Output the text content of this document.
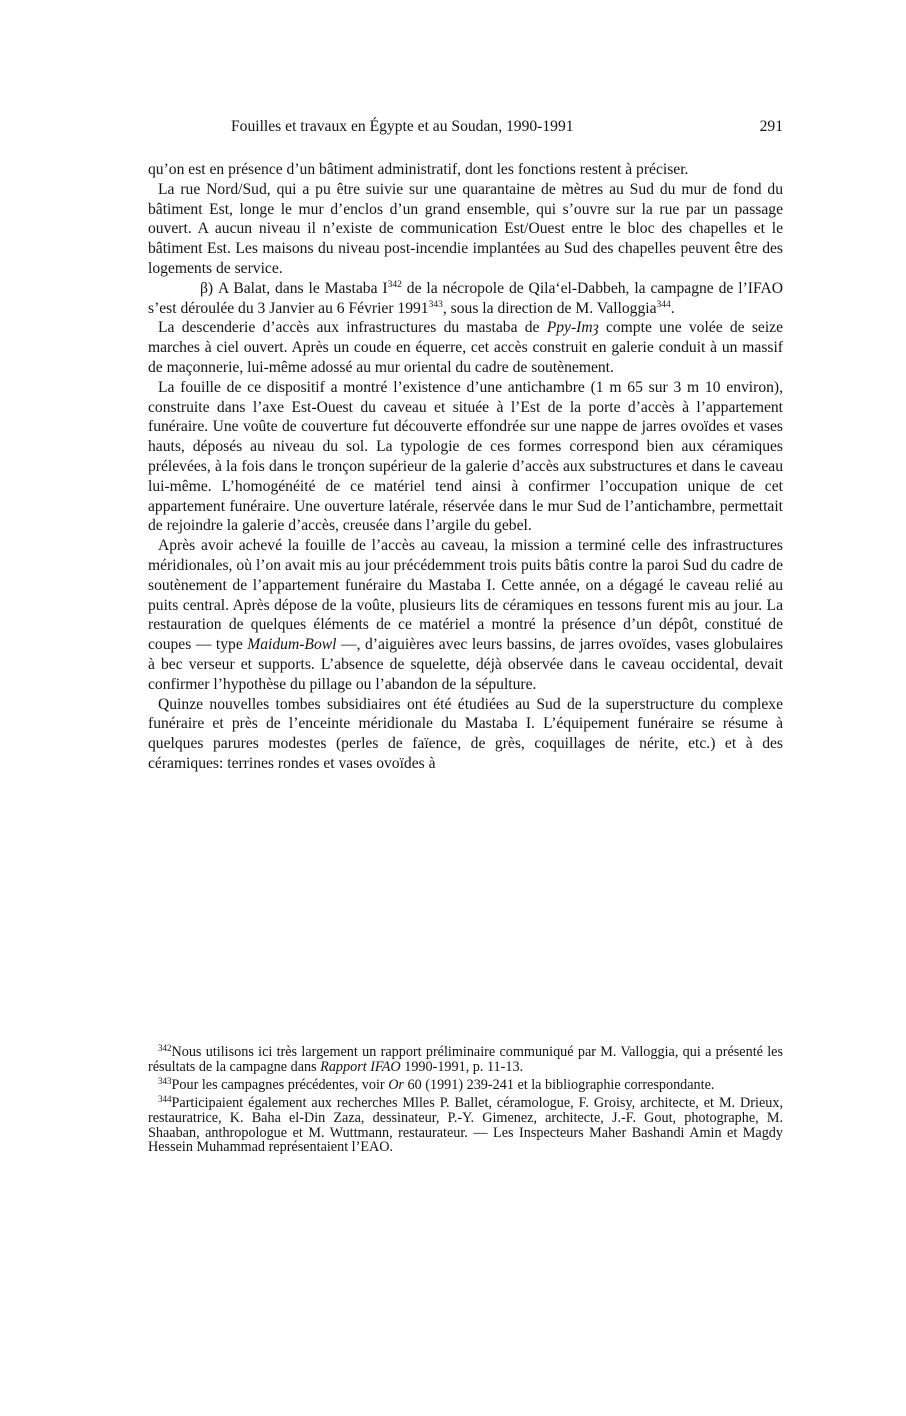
Fouilles et travaux en Égypte et au Soudan, 1990-1991	291

qu’on est en présence d’un bâtiment administratif, dont les fonctions restent à préciser.

La rue Nord/Sud, qui a pu être suivie sur une quarantaine de mètres au Sud du mur de fond du bâtiment Est, longe le mur d’enclos d’un grand ensemble, qui s’ouvre sur la rue par un passage ouvert. A aucun niveau il n’existe de communication Est/Ouest entre le bloc des chapelles et le bâtiment Est. Les maisons du niveau post-incendie implantées au Sud des chapelles peuvent être des logements de service.

β) A Balat, dans le Mastaba I$^{342}$ de la nécropole de Qila‘el-Dabbeh, la campagne de l’IFAO s’est déroulée du 3 Janvier au 6 Février 1991$^{343}$, sous la direction de M. Valloggia$^{344}$.

La descenderie d’accès aux infrastructures du mastaba de Ppy-Imȝ compte une volée de seize marches à ciel ouvert. Après un coude en équerre, cet accès construit en galerie conduit à un massif de maçonnerie, lui-même adossé au mur oriental du cadre de soutènement.

La fouille de ce dispositif a montré l’existence d’une antichambre (1 m 65 sur 3 m 10 environ), construite dans l’axe Est-Ouest du caveau et située à l’Est de la porte d’accès à l’appartement funéraire. Une voûte de couverture fut découverte effondrée sur une nappe de jarres ovoïdes et vases hauts, déposés au niveau du sol. La typologie de ces formes correspond bien aux céramiques prélevées, à la fois dans le tronçon supérieur de la galerie d’accès aux substructures et dans le caveau lui-même. L’homogénéité de ce matériel tend ainsi à confirmer l’occupation unique de cet appartement funéraire. Une ouverture latérale, réservée dans le mur Sud de l’antichambre, permettait de rejoindre la galerie d’accès, creusée dans l’argile du gebel.

Après avoir achevé la fouille de l’accès au caveau, la mission a terminé celle des infrastructures méridionales, où l’on avait mis au jour précédemment trois puits bâtis contre la paroi Sud du cadre de soutènement de l’appartement funéraire du Mastaba I. Cette année, on a dégagé le caveau relié au puits central. Après dépose de la voûte, plusieurs lits de céramiques en tessons furent mis au jour. La restauration de quelques éléments de ce matériel a montré la présence d’un dépôt, constitué de coupes — type Maidum-Bowl —, d’aiguières avec leurs bassins, de jarres ovoïdes, vases globulaires à bec verseur et supports. L’absence de squelette, déjà observée dans le caveau occidental, devait confirmer l’hypothèse du pillage ou l’abandon de la sépulture.

Quinze nouvelles tombes subsidiaires ont été étudiées au Sud de la superstructure du complexe funéraire et près de l’enceinte méridionale du Mastaba I. L’équipement funéraire se résume à quelques parures modestes (perles de faïence, de grès, coquillages de nérite, etc.) et à des céramiques: terrines rondes et vases ovoïdes à

$^{342}$Nous utilisons ici très largement un rapport préliminaire communiqué par M. Valloggia, qui a présenté les résultats de la campagne dans Rapport IFAO 1990-1991, p. 11-13.

$^{343}$Pour les campagnes précédentes, voir Or 60 (1991) 239-241 et la bibliographie correspondante.

$^{344}$Participaient également aux recherches Mlles P. Ballet, céramologue, F. Groisy, architecte, et M. Drieux, restauratrice, K. Baha el-Din Zaza, dessinateur, P.-Y. Gimenez, architecte, J.-F. Gout, photographe, M. Shaaban, anthropologue et M. Wuttmann, restaurateur. — Les Inspecteurs Maher Bashandi Amin et Magdy Hessein Muhammad représentaient l’EAO.
